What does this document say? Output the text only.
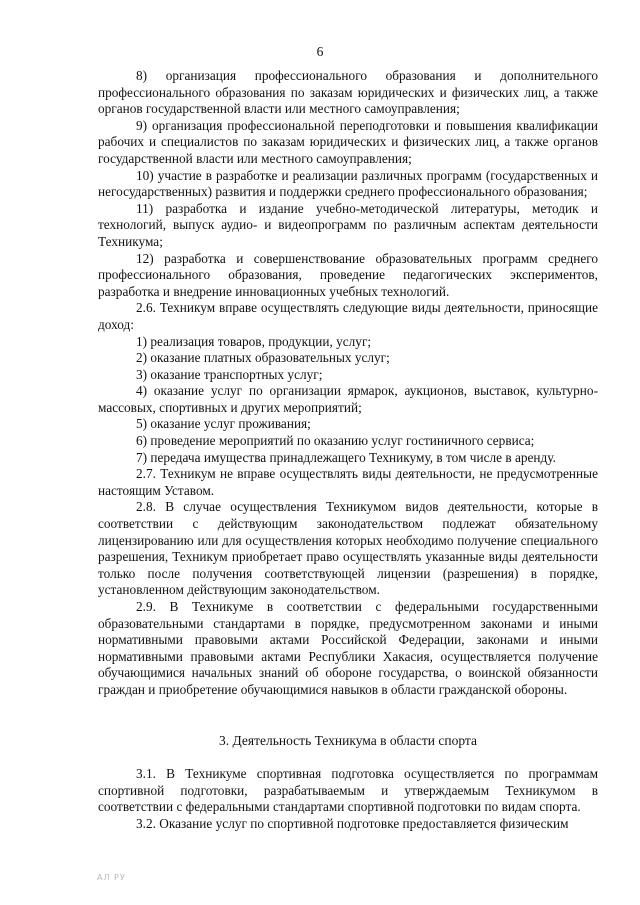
6

8) организация профессионального образования и дополнительного профессионального образования по заказам юридических и физических лиц, а также органов государственной власти или местного самоуправления;

9) организация профессиональной переподготовки и повышения квалификации рабочих и специалистов по заказам юридических и физических лиц, а также органов государственной власти или местного самоуправления;

10) участие в разработке и реализации различных программ (государственных и негосударственных) развития и поддержки среднего профессионального образования;

11) разработка и издание учебно-методической литературы, методик и технологий, выпуск аудио- и видеопрограмм по различным аспектам деятельности Техникума;

12) разработка и совершенствование образовательных программ среднего профессионального образования, проведение педагогических экспериментов, разработка и внедрение инновационных учебных технологий.

2.6. Техникум вправе осуществлять следующие виды деятельности, приносящие доход:

1) реализация товаров, продукции, услуг;

2) оказание платных образовательных услуг;

3) оказание транспортных услуг;

4) оказание услуг по организации ярмарок, аукционов, выставок, культурно-массовых, спортивных и других мероприятий;

5) оказание услуг проживания;

6) проведение мероприятий по оказанию услуг гостиничного сервиса;

7) передача имущества принадлежащего Техникуму, в том числе в аренду.

2.7. Техникум не вправе осуществлять виды деятельности, не предусмотренные настоящим Уставом.

2.8. В случае осуществления Техникумом видов деятельности, которые в соответствии с действующим законодательством подлежат обязательному лицензированию или для осуществления которых необходимо получение специального разрешения, Техникум приобретает право осуществлять указанные виды деятельности только после получения соответствующей лицензии (разрешения) в порядке, установленном действующим законодательством.

2.9. В Техникуме в соответствии с федеральными государственными образовательными стандартами в порядке, предусмотренном законами и иными нормативными правовыми актами Российской Федерации, законами и иными нормативными правовыми актами Республики Хакасия, осуществляется получение обучающимися начальных знаний об обороне государства, о воинской обязанности граждан и приобретение обучающимися навыков в области гражданской обороны.

3. Деятельность Техникума в области спорта

3.1. В Техникуме спортивная подготовка осуществляется по программам спортивной подготовки, разрабатываемым и утверждаемым Техникумом в соответствии с федеральными стандартами спортивной подготовки по видам спорта.

3.2. Оказание услуг по спортивной подготовке предоставляется физическим

АЛ РУ
